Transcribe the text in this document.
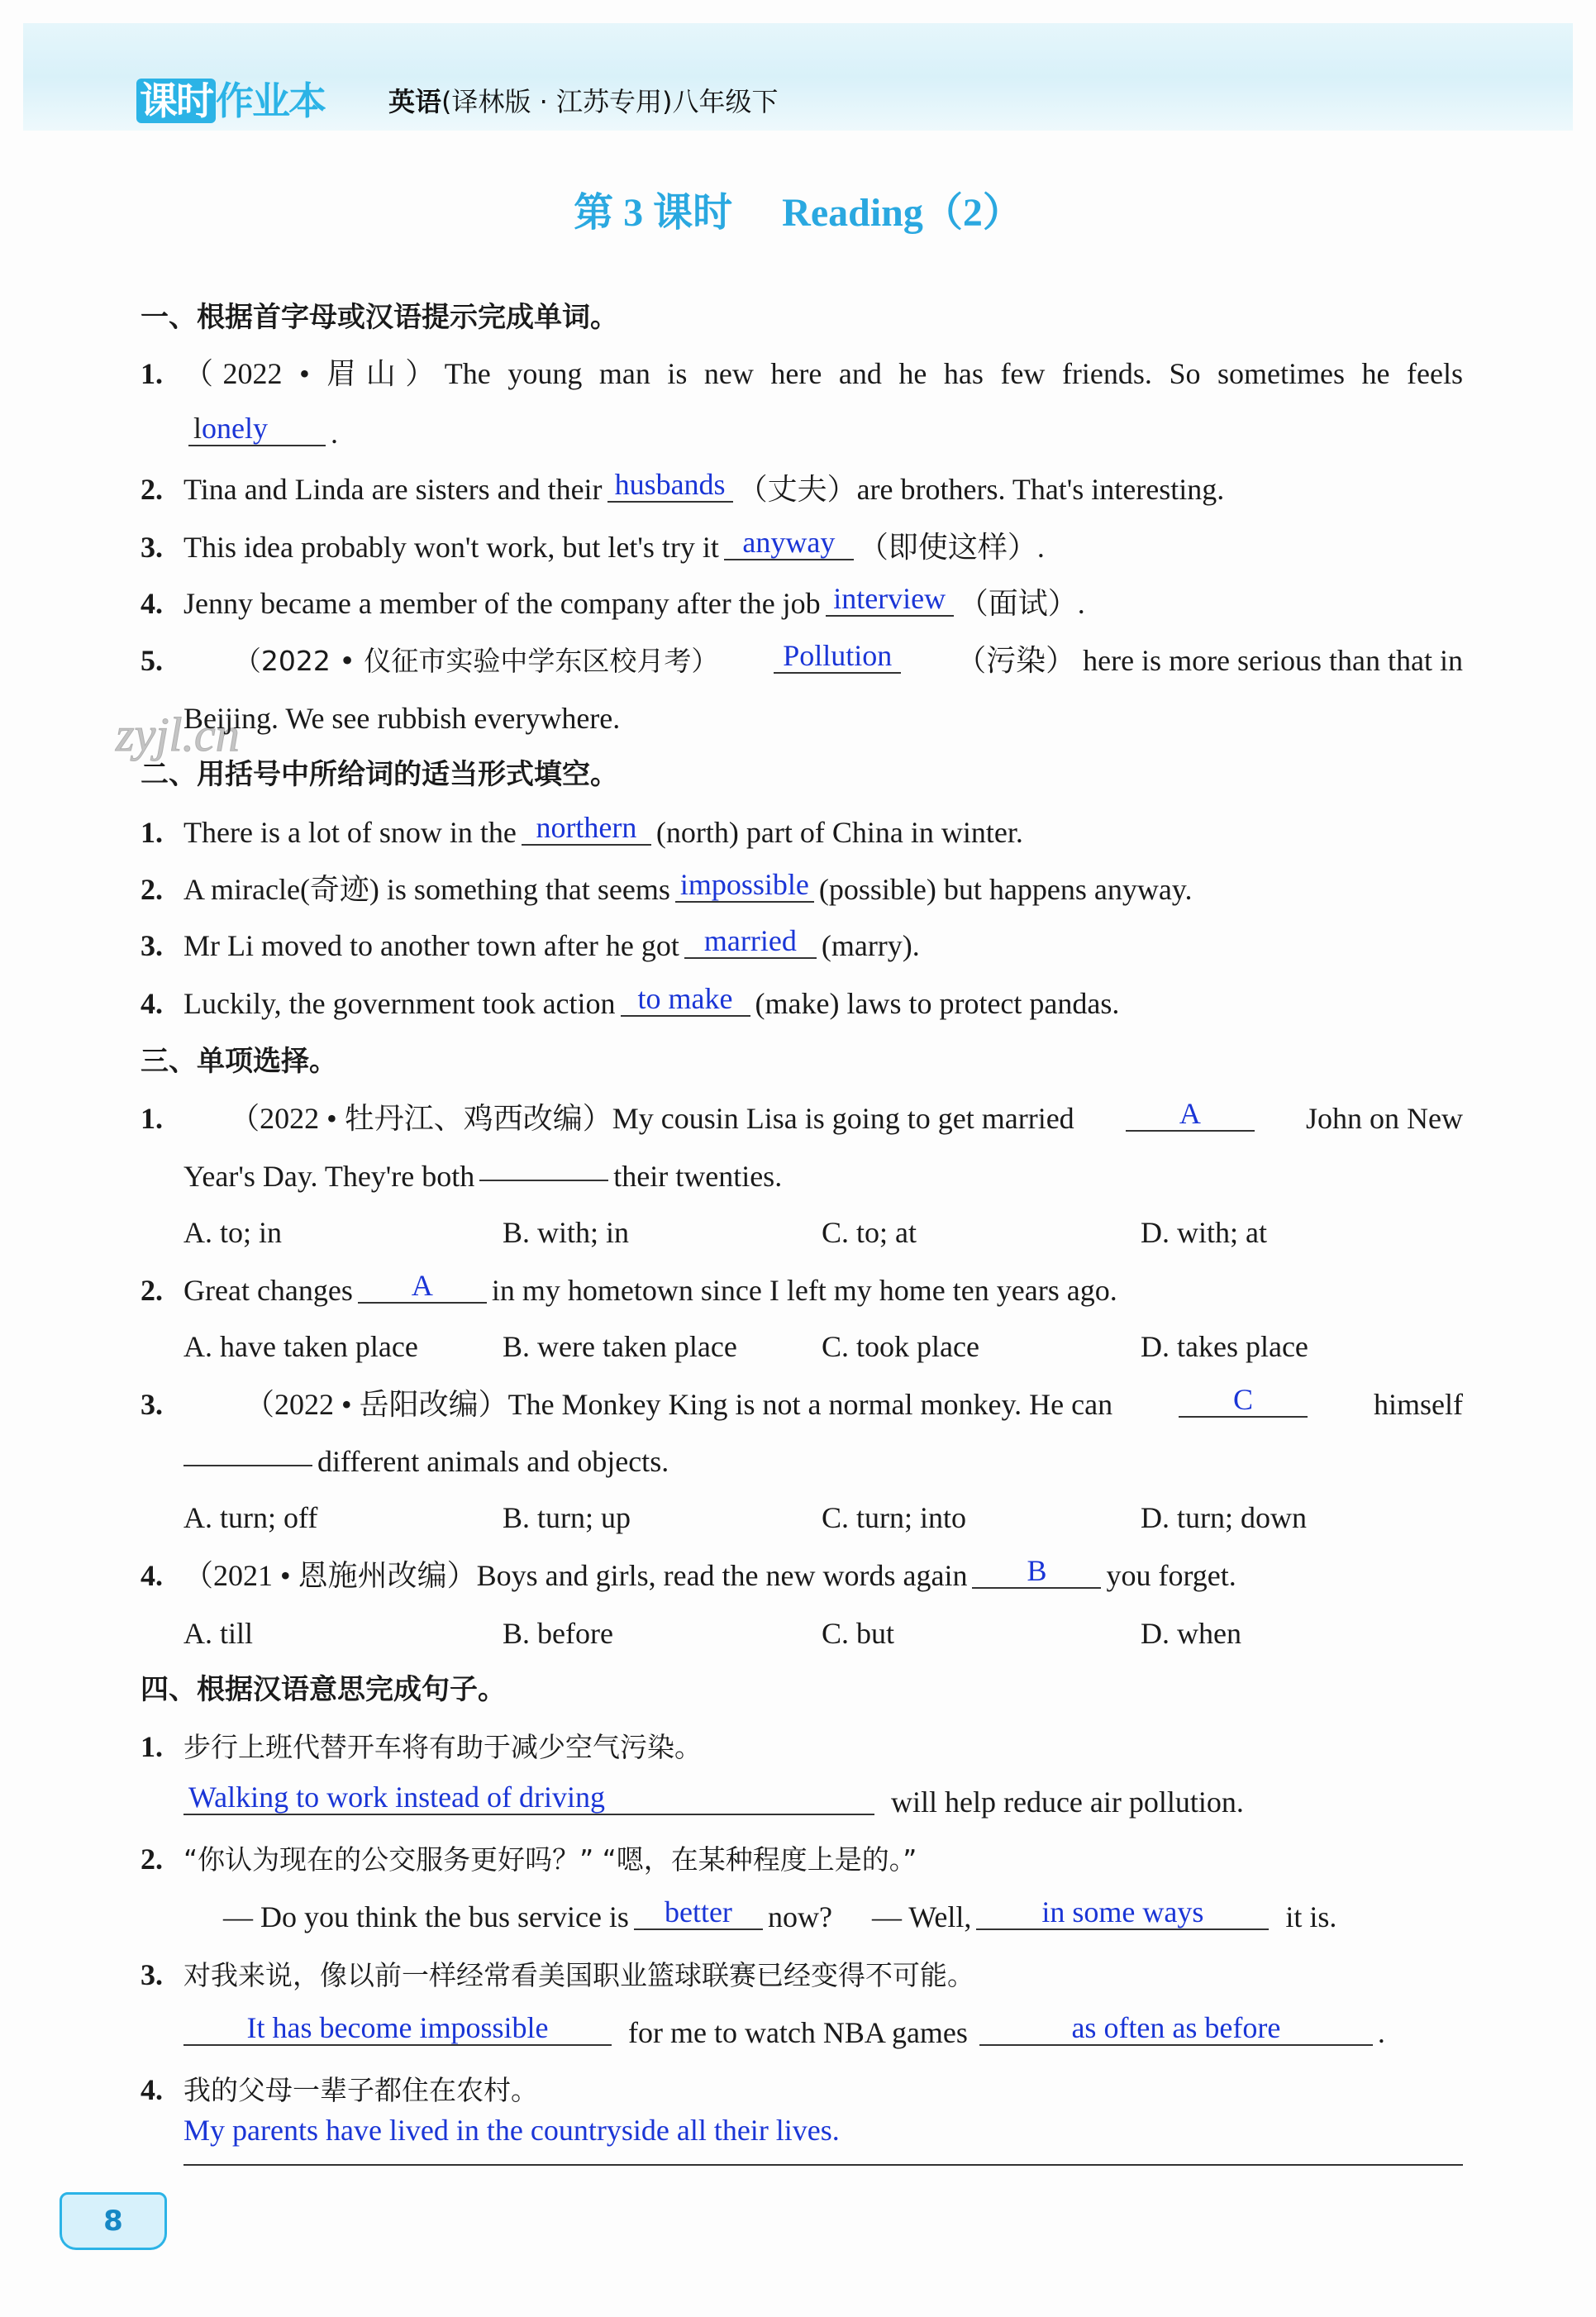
课时作业本 英语(译林版 · 江苏专用)八年级下
第 3 课时 Reading（2）
zyjl.cn
一、根据首字母或汉语提示完成单词。
1. （2022 • 眉山）The young man is new here and he has few friends. So sometimes he feels
lonely	.
2. Tina and Linda are sisters and their husbands （丈夫）are brothers. That's interesting.
3. This idea probably won't work, but let's try it anyway （即使这样）.
4. Jenny became a member of the company after the job interview （面试）.
5.	（2022 • 仪征市实验中学东区校月考）	Pollution	（污染） here is more serious than that in
Beijing. We see rubbish everywhere.
二、用括号中所给词的适当形式填空。
1. There is a lot of snow in the northern (north) part of China in winter.
2. A miracle(奇迹) is something that seems impossible (possible) but happens anyway.
3. Mr Li moved to another town after he got married (marry).
4. Luckily, the government took action to make (make) laws to protect pandas.
三、单项选择。
1.	（2022 • 牡丹江、鸡西改编）My cousin Lisa is going to get married	A	John on New
Year's Day. They're both	their twenties.
A. to; in	B. with; in	C. to; at	D. with; at
2. Great changes	A	in my hometown since I left my home ten years ago.
A. have taken place	B. were taken place	C. took place	D. takes place
3.	（2022 • 岳阳改编）The Monkey King is not a normal monkey. He can	C	himself
different animals and objects.
A. turn; off	B. turn; up	C. turn; into	D. turn; down
4. （2021 • 恩施州改编）Boys and girls, read the new words again	B	you forget.
A. till	B. before	C. but	D. when
四、根据汉语意思完成句子。
1. 步行上班代替开车将有助于减少空气污染。
Walking to work instead of driving	will help reduce air pollution.
2. “你认为现在的公交服务更好吗？” “嗯，在某种程度上是的。”
— Do you think the bus service is	better	now? — Well,	in some ways	it is.
3. 对我来说，像以前一样经常看美国职业篮球联赛已经变得不可能。
It has become impossible	for me to watch NBA games	as often as before	.
4. 我的父母一辈子都住在农村。
My parents have lived in the countryside all their lives.
8
